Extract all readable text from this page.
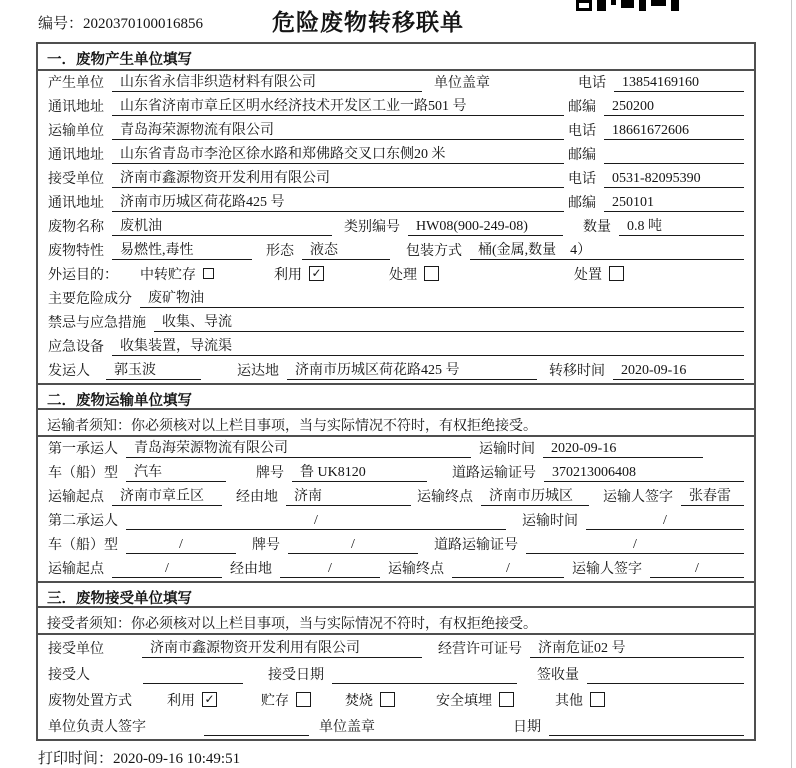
编号：2020370100016856	危险废物转移联单
一．废物产生单位填写
产生单位	山东省永信非织造材料有限公司	单位盖章	电话	13854169160
通讯地址	山东省济南市章丘区明水经济技术开发区工业一路501 号	邮编	250200
运输单位	青岛海荣源物流有限公司	电话	18661672606
通讯地址	山东省青岛市李沧区徐水路和郑佛路交叉口东侧20 米	邮编
接受单位	济南市鑫源物资开发利用有限公司	电话	0531-82095390
通讯地址	济南市历城区荷花路425 号	邮编	250101
废物名称	废机油	类别编号	HW08(900-249-08)	数量	0.8 吨
废物特性	易燃性,毒性	形态	液态	包装方式	桶(金属,数量　4）
外运目的： 中转贮存	利用 ✓	处理	处置
主要危险成分	废矿物油
禁忌与应急措施	收集、导流
应急设备	收集装置，导流渠
发运人	郭玉波	运达地	济南市历城区荷花路425 号	转移时间	2020-09-16
二．废物运输单位填写
运输者须知：你必须核对以上栏目事项，当与实际情况不符时，有权拒绝接受。
第一承运人	青岛海荣源物流有限公司	运输时间	2020-09-16
车（船）型	汽车	牌号	鲁 UK8120	道路运输证号	370213006408
运输起点	济南市章丘区	经由地	济南	运输终点	济南市历城区	运输人签字	张春雷
第二承运人	/	运输时间	/
车（船）型	/	牌号	/	道路运输证号	/
运输起点	/	经由地	/	运输终点	/	运输人签字	/
三．废物接受单位填写
接受者须知：你必须核对以上栏目事项，当与实际情况不符时，有权拒绝接受。
接受单位	济南市鑫源物资开发利用有限公司	经营许可证号	济南危证02 号
接受人	接受日期	签收量
废物处置方式	利用 ✓	贮存	焚烧	安全填埋	其他
单位负责人签字	单位盖章	日期
打印时间：2020-09-16 10:49:51
